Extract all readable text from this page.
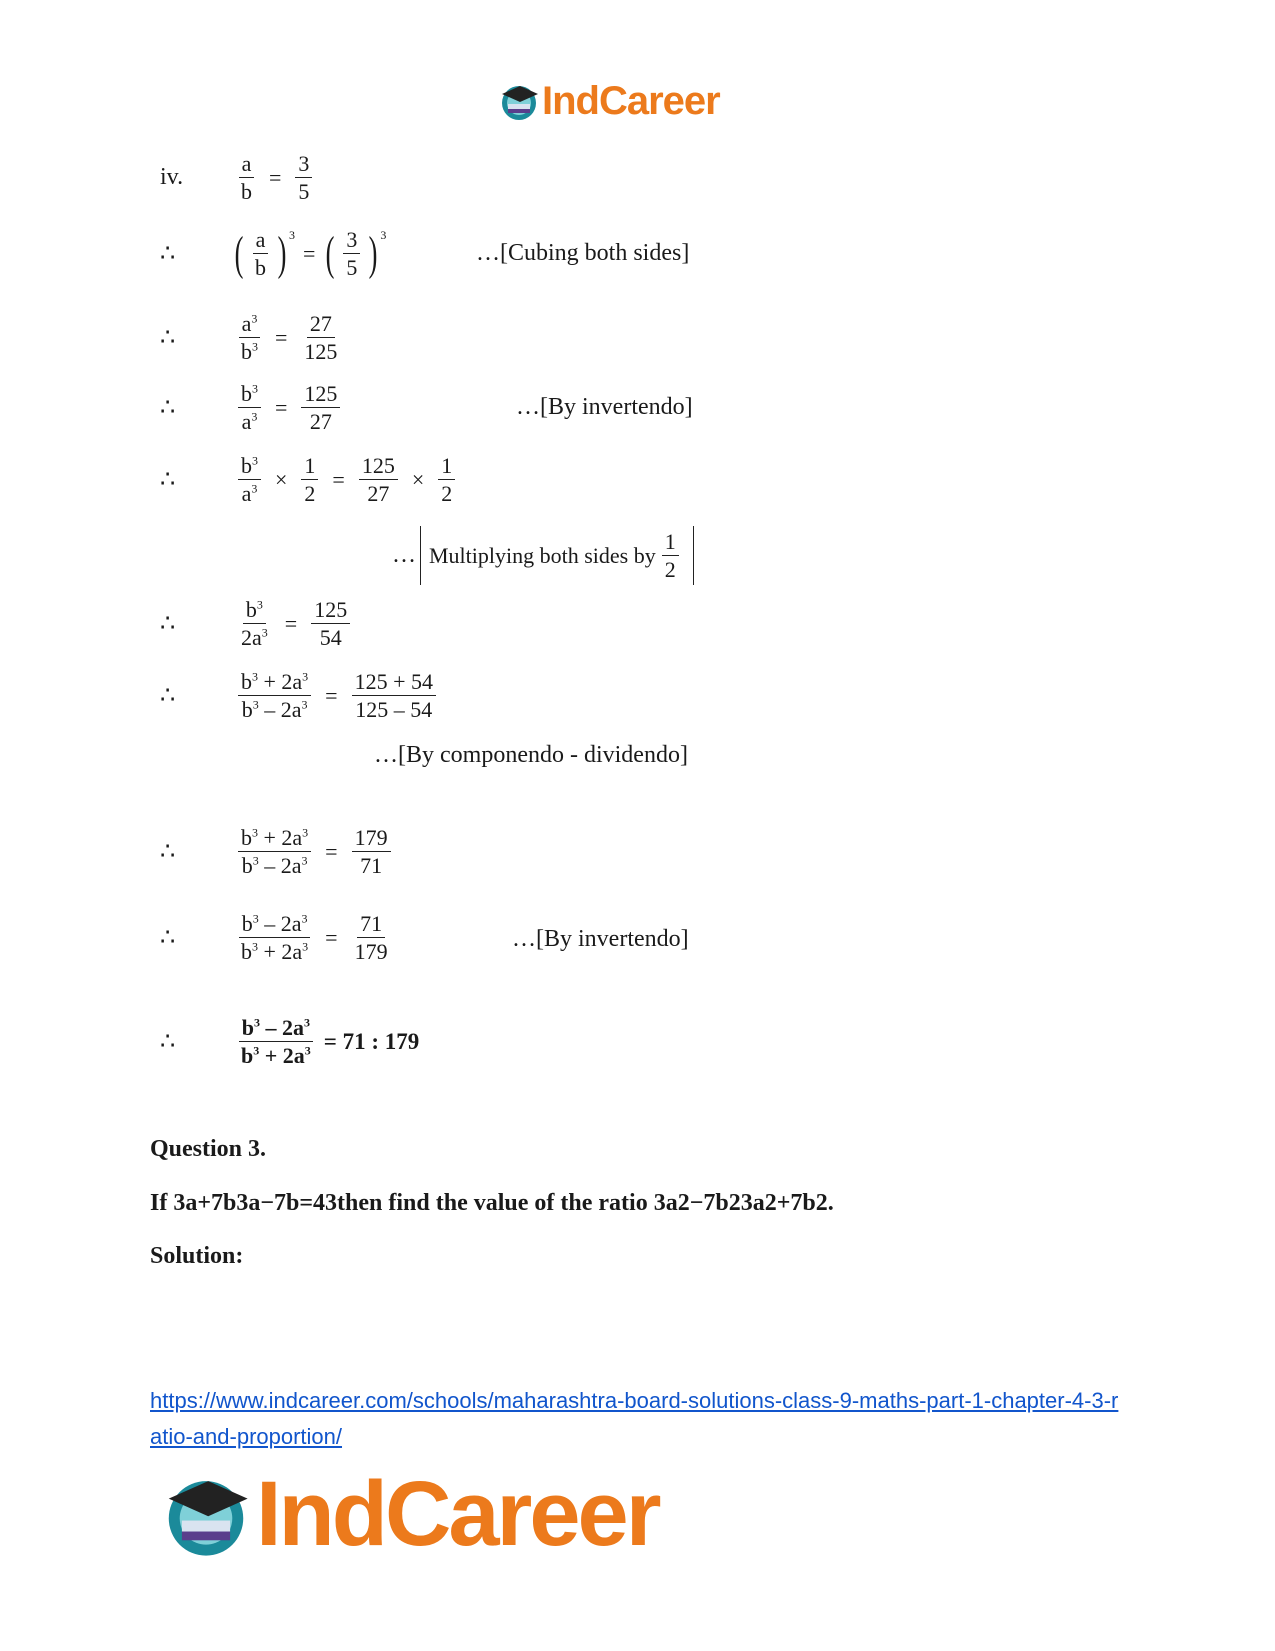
IndCareer
iv.	$\frac{a}{b} = \frac{3}{5}$
∴	( $\frac{a}{b}$ ) 3
= ( $\frac{3}{5}$ ) 3
…[Cubing both sides]
∴	$\frac{a^3}{b^3} = \frac{27}{125}$
∴	$\frac{b^3}{a^3} = \frac{125}{27}$	…[By invertendo]
∴	$\frac{b^3}{a^3} \times \frac{1}{2} = \frac{125}{27} \times \frac{1}{2}$
… Multiplying both sides by $\frac{1}{2}$
∴	$\frac{b^3}{2a^3} = \frac{125}{54}$
∴	$\frac{b^3 + 2a^3}{b^3 - 2a^3} = \frac{125 + 54}{125 - 54}$
…[By componendo - dividendo]
∴	$\frac{b^3 + 2a^3}{b^3 - 2a^3} = \frac{179}{71}$
∴	$\frac{b^3 - 2a^3}{b^3 + 2a^3} = \frac{71}{179}$	…[By invertendo]
∴	$\frac{b^3 - 2a^3}{b^3 + 2a^3} = 71$ : 179
Question 3.
If 3a+7b3a−7b=43then find the value of the ratio 3a2−7b23a2+7b2.
Solution:
https://www.indcareer.com/schools/maharashtra-board-solutions-class-9-maths-part-1-chapter-4-3-ratio-and-proportion/
IndCareer
